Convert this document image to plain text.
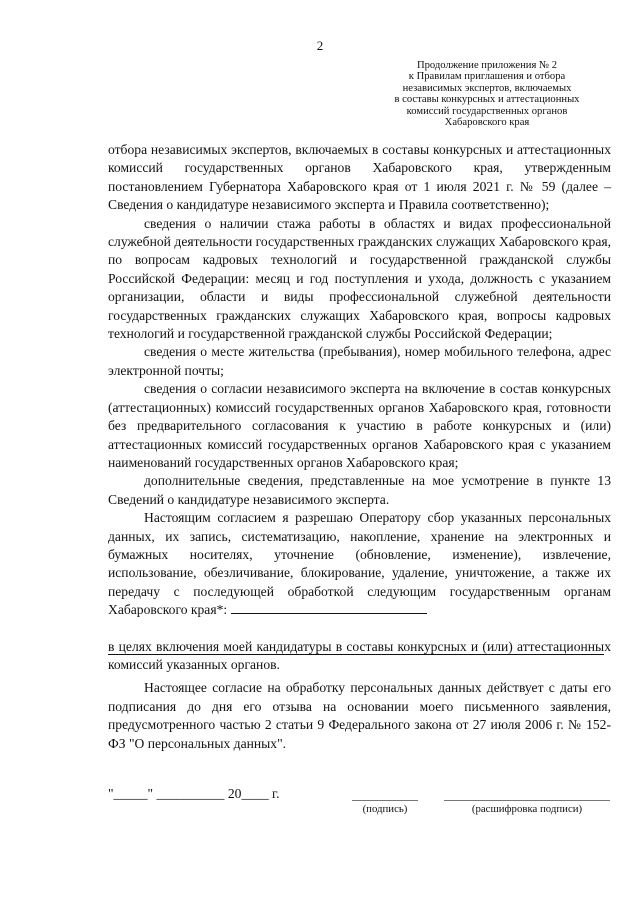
2
Продолжение приложения № 2
к Правилам приглашения и отбора
независимых экспертов, включаемых
в составы конкурсных и аттестационных
комиссий государственных органов
Хабаровского края

отбора независимых экспертов, включаемых в составы конкурсных и аттестационных комиссий государственных органов Хабаровского края, утвержденным постановлением Губернатора Хабаровского края от 1 июля 2021 г. № 59 (далее – Сведения о кандидатуре независимого эксперта и Правила соответственно);

сведения о наличии стажа работы в областях и видах профессиональной служебной деятельности государственных гражданских служащих Хабаровского края, по вопросам кадровых технологий и государственной гражданской службы Российской Федерации: месяц и год поступления и ухода, должность с указанием организации, области и виды профессиональной служебной деятельности государственных гражданских служащих Хабаровского края, вопросы кадровых технологий и государственной гражданской службы Российской Федерации;

сведения о месте жительства (пребывания), номер мобильного телефона, адрес электронной почты;

сведения о согласии независимого эксперта на включение в состав конкурсных (аттестационных) комиссий государственных органов Хабаровского края, готовности без предварительного согласования к участию в работе конкурсных и (или) аттестационных комиссий государственных органов Хабаровского края с указанием наименований государственных органов Хабаровского края;

дополнительные сведения, представленные на мое усмотрение в пункте 13 Сведений о кандидатуре независимого эксперта.

Настоящим согласием я разрешаю Оператору сбор указанных персональных данных, их запись, систематизацию, накопление, хранение на электронных и бумажных носителях, уточнение (обновление, изменение), извлечение, использование, обезличивание, блокирование, удаление, уничтожение, а также их передачу с последующей обработкой следующим государственным органам Хабаровского края*:

в целях включения моей кандидатуры в составы конкурсных и (или) аттестационных комиссий указанных органов.

Настоящее согласие на обработку персональных данных действует с даты его подписания до дня его отзыва на основании моего письменного заявления, предусмотренного частью 2 статьи 9 Федерального закона от 27 июля 2006 г. № 152-ФЗ "О персональных данных".

"_____" __________ 20____ г.
(подпись)	(расшифровка подписи)
